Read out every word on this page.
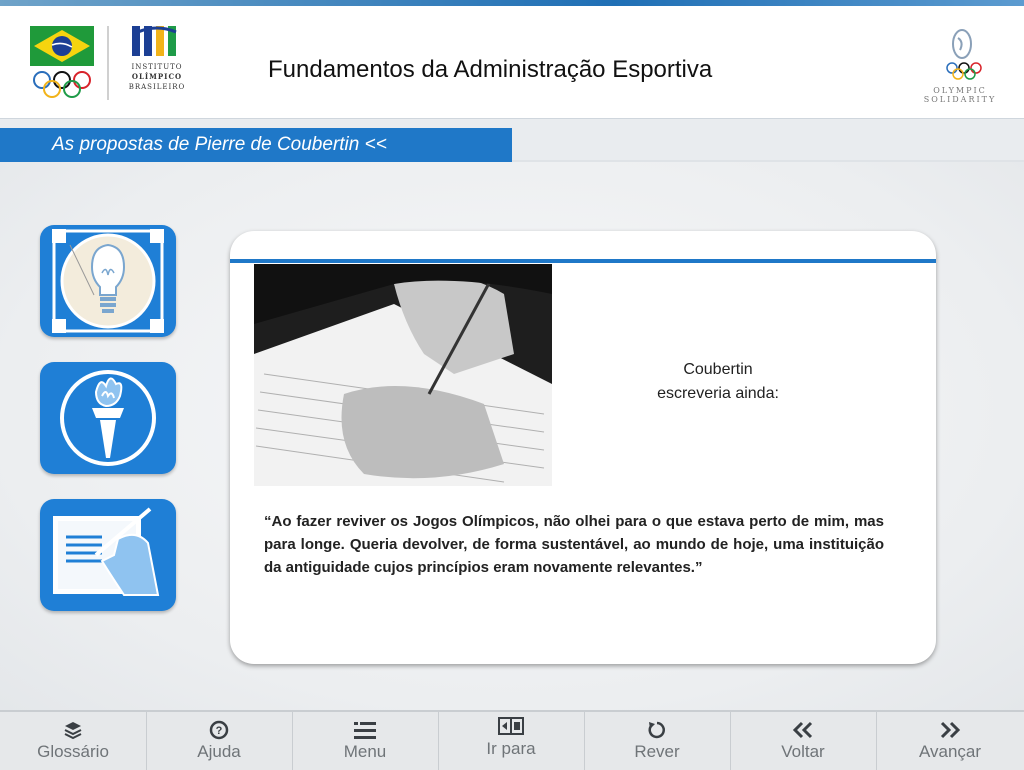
INSTITUTO
OLÍMPICO
BRASILEIRO
Fundamentos da Administração Esportiva
OLYMPIC
SOLIDARITY
As propostas de Pierre de Coubertin <<
Coubertin
escreveria ainda:
“Ao fazer reviver os Jogos Olímpicos, não olhei para o que estava perto de mim, mas para longe. Queria devolver, de forma sustentável, ao mundo de hoje, uma instituição da antiguidade cujos princípios eram novamente relevantes.”
Glossário
?
Ajuda	Menu	Ir para	Rever	Voltar	Avançar
